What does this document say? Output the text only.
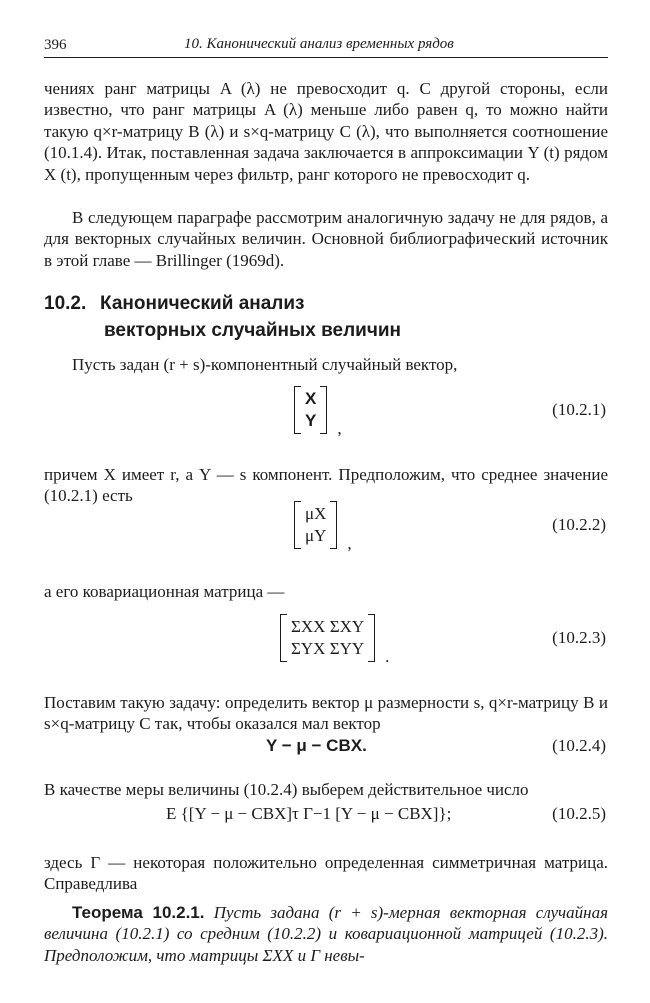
396	10. Канонический анализ временных рядов

чениях ранг матрицы A (λ) не превосходит q. С другой стороны, если известно, что ранг матрицы A (λ) меньше либо равен q, то можно найти такую q×r-матрицу B (λ) и s×q-матрицу C (λ), что выполняется соотношение (10.1.4). Итак, поставленная задача заключается в аппроксимации Y (t) рядом X (t), пропущенным через фильтр, ранг которого не превосходит q.

В следующем параграфе рассмотрим аналогичную задачу не для рядов, а для векторных случайных величин. Основной библиографический источник в этой главе — Brillinger (1969d).

10.2. Канонический анализ
векторных случайных величин

Пусть задан (r + s)-компонентный случайный вектор,

X
Y ,
(10.2.1)

причем X имеет r, а Y — s компонент. Предположим, что среднее значение (10.2.1) есть

μX
μY ,
(10.2.2)

а его ковариационная матрица —

ΣXX ΣXY
ΣYX ΣYY .
(10.2.3)

Поставим такую задачу: определить вектор μ размерности s, q×r-матрицу B и s×q-матрицу C так, чтобы оказался мал вектор

Y − μ − CBX.	(10.2.4)

В качестве меры величины (10.2.4) выберем действительное число

E {[Y − μ − CBX]τ Γ−1 [Y − μ − CBX]};	(10.2.5)

здесь Γ — некоторая положительно определенная симметричная матрица. Справедлива

Теорема 10.2.1. Пусть задана (r + s)-мерная векторная случайная величина (10.2.1) со средним (10.2.2) и ковариационной матрицей (10.2.3). Предположим, что матрицы ΣXX и Γ невы-
